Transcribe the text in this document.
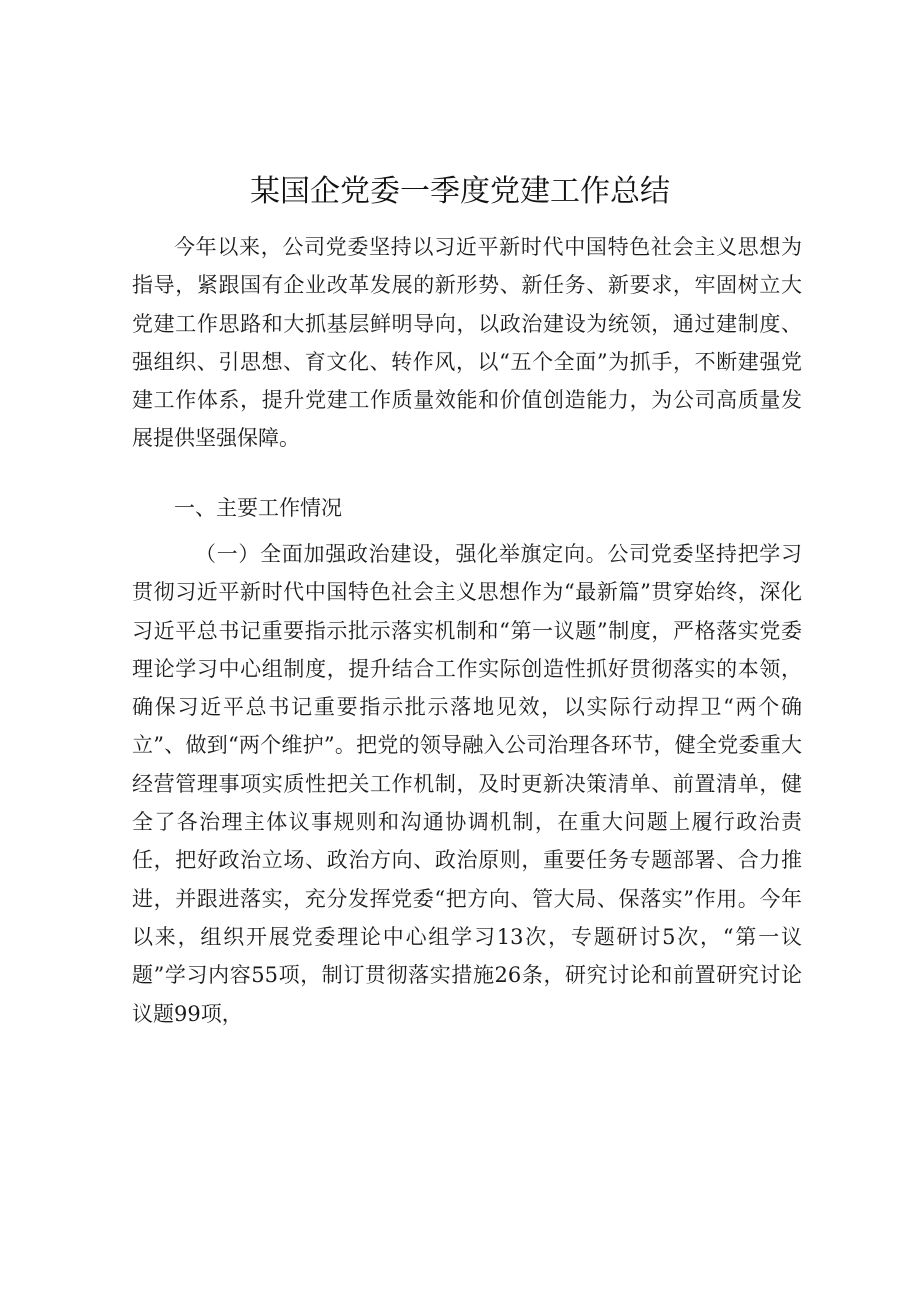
某国企党委一季度党建工作总结

今年以来，公司党委坚持以习近平新时代中国特色社会主义思想为指导，紧跟国有企业改革发展的新形势、新任务、新要求，牢固树立大党建工作思路和大抓基层鲜明导向，以政治建设为统领，通过建制度、强组织、引思想、育文化、转作风，以“五个全面”为抓手，不断建强党建工作体系，提升党建工作质量效能和价值创造能力，为公司高质量发展提供坚强保障。

一、主要工作情况

（一）全面加强政治建设，强化举旗定向。公司党委坚持把学习贯彻习近平新时代中国特色社会主义思想作为“最新篇”贯穿始终，深化习近平总书记重要指示批示落实机制和“第一议题”制度，严格落实党委理论学习中心组制度，提升结合工作实际创造性抓好贯彻落实的本领，确保习近平总书记重要指示批示落地见效，以实际行动捍卫“两个确立”、做到“两个维护”。把党的领导融入公司治理各环节，健全党委重大经营管理事项实质性把关工作机制，及时更新决策清单、前置清单，健全了各治理主体议事规则和沟通协调机制，在重大问题上履行政治责任，把好政治立场、政治方向、政治原则，重要任务专题部署、合力推进，并跟进落实，充分发挥党委“把方向、管大局、保落实”作用。今年以来，组织开展党委理论中心组学习13次，专题研讨5次，“第一议题”学习内容55项，制订贯彻落实措施26条，研究讨论和前置研究讨论议题99项，
